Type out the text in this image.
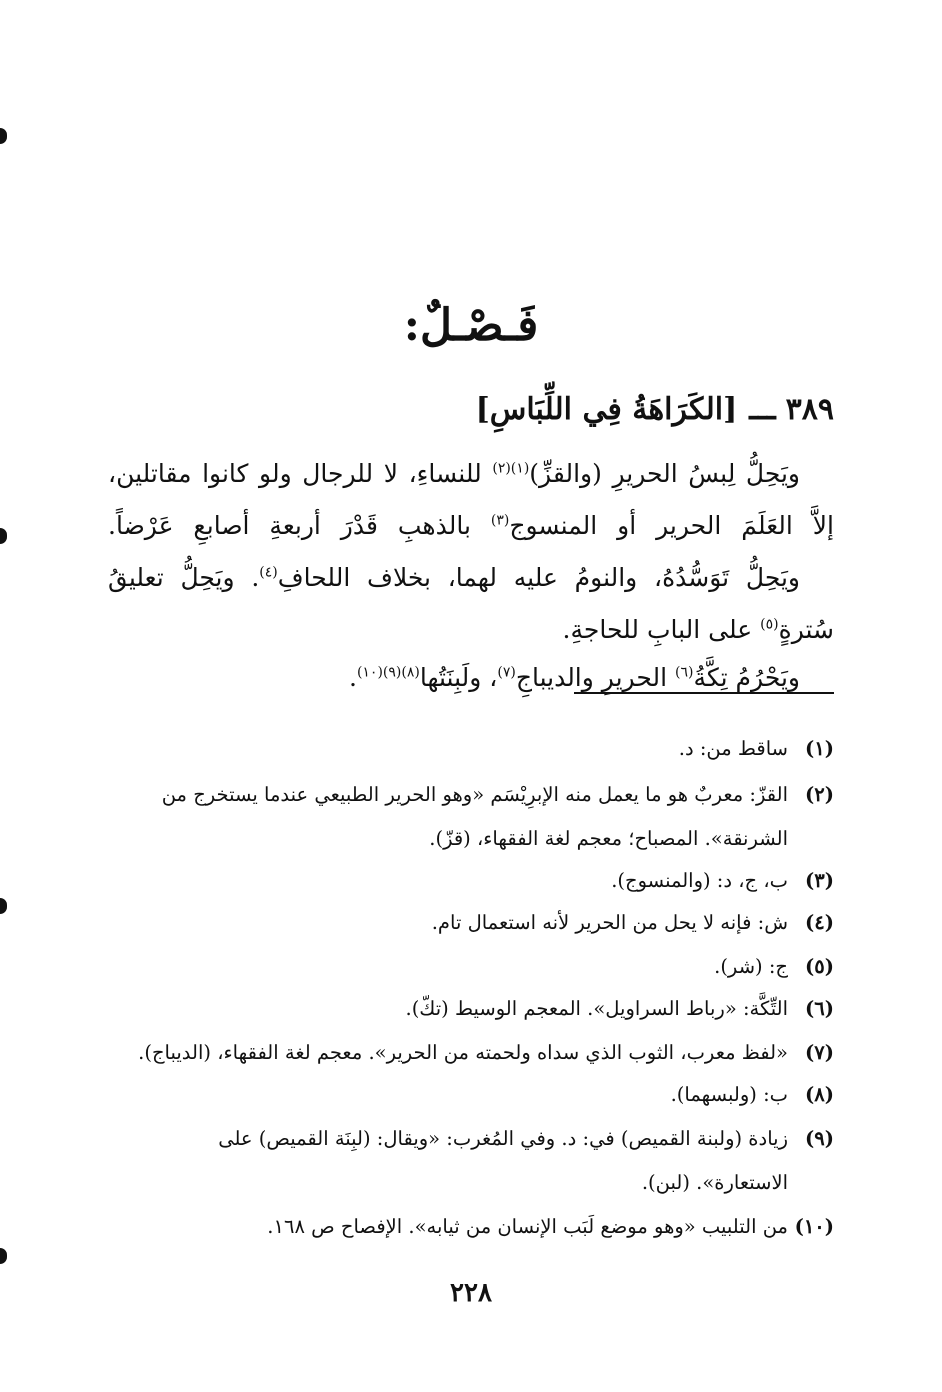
فَـصْـلٌ:
٣٨٩ـــ[الكَرَاهَةُ فِي اللِّبَاسِ]
ويَحِلُّ لِبسُ الحريرِ (والقزِّ)$^{(١)(٢)}$ للنساءِ، لا للرجال ولو كانوا مقاتلين،
إلاَّ العَلَمَ الحرير أو المنسوج$^{(٣)}$ بالذهبِ قَدْرَ أربعةِ أصابعِ عَرْضاً.
ويَحِلُّ تَوَسُّدُهُ، والنومُ عليه لهما، بخلاف اللحافِ$^{(٤)}$. ويَحِلُّ تعليقُ
سُترةٍ$^{(٥)}$ على البابِ للحاجةِ.
ويَحْرُمُ تِكَّةُ$^{(٦)}$ الحريرِ والديباجِ$^{(٧)}$، ولَبِنَتُها$^{(٨)(٩)(١٠)}$.
(١)ساقط من: د.
(٢)القزّ: معربٌ هو ما يعمل منه الإبرِيْسَم «وهو الحرير الطبيعي عندما يستخرج من
الشرنقة». المصباح؛ معجم لغة الفقهاء، (قزّ).
(٣)ب، ج، د: (والمنسوج).
(٤)ش: فإنه لا يحل من الحرير لأنه استعمال تام.
(٥)ج: (شر).
(٦)التِّكَّة: «رباط السراويل». المعجم الوسيط (تكّ).
(٧)«لفظ معرب، الثوب الذي سداه ولحمته من الحرير». معجم لغة الفقهاء، (الديباج).
(٨)ب: (ولبسهما).
(٩)زيادة (ولبنة القميص) في: د. وفي المُغرب: «ويقال: (لبِنَة القميص) على
الاستعارة». (لبن).
(١٠)من التلبيب «وهو موضع لَبَب الإنسان من ثيابه». الإفصاح ص ١٦٨.
٢٢٨
